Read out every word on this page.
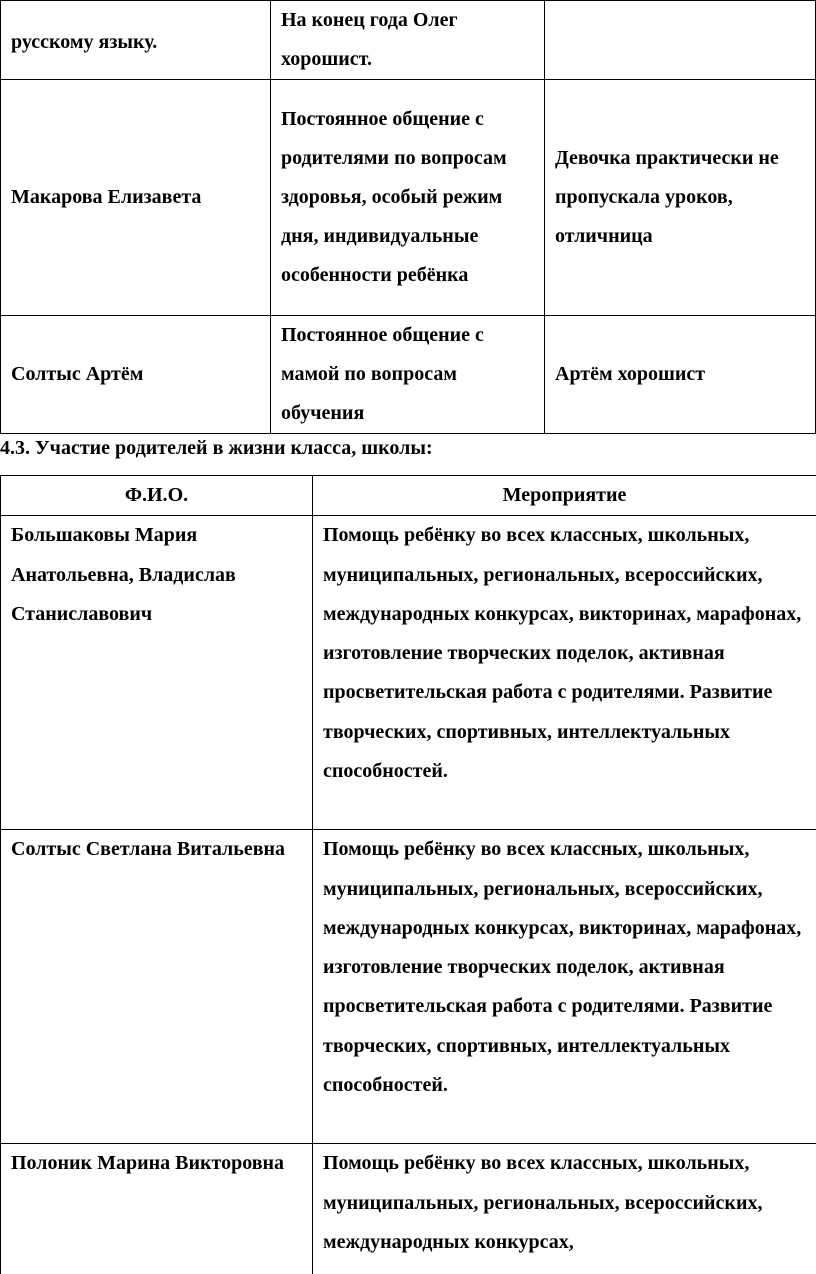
русскому языку.	На конец года Олег хорошист.	
Макарова Елизавета	Постоянное общение с родителями по вопросам здоровья, особый режим дня, индивидуальные особенности ребёнка	Девочка практически не пропускала уроков, отличница
Солтыс Артём	Постоянное общение с мамой по вопросам обучения	Артём хорошист

4.3. Участие родителей в жизни класса, школы:

Ф.И.О.	Мероприятие
Большаковы Мария Анатольевна, Владислав Станиславович	Помощь ребёнку во всех классных, школьных, муниципальных, региональных, всероссийских, международных конкурсах, викторинах, марафонах, изготовление творческих поделок, активная просветительская работа с родителями. Развитие творческих, спортивных, интеллектуальных способностей.
Солтыс Светлана Витальевна	Помощь ребёнку во всех классных, школьных, муниципальных, региональных, всероссийских, международных конкурсах, викторинах, марафонах, изготовление творческих поделок, активная просветительская работа с родителями. Развитие творческих, спортивных, интеллектуальных способностей.
Полоник Марина Викторовна	Помощь ребёнку во всех классных, школьных, муниципальных, региональных, всероссийских, международных конкурсах,
